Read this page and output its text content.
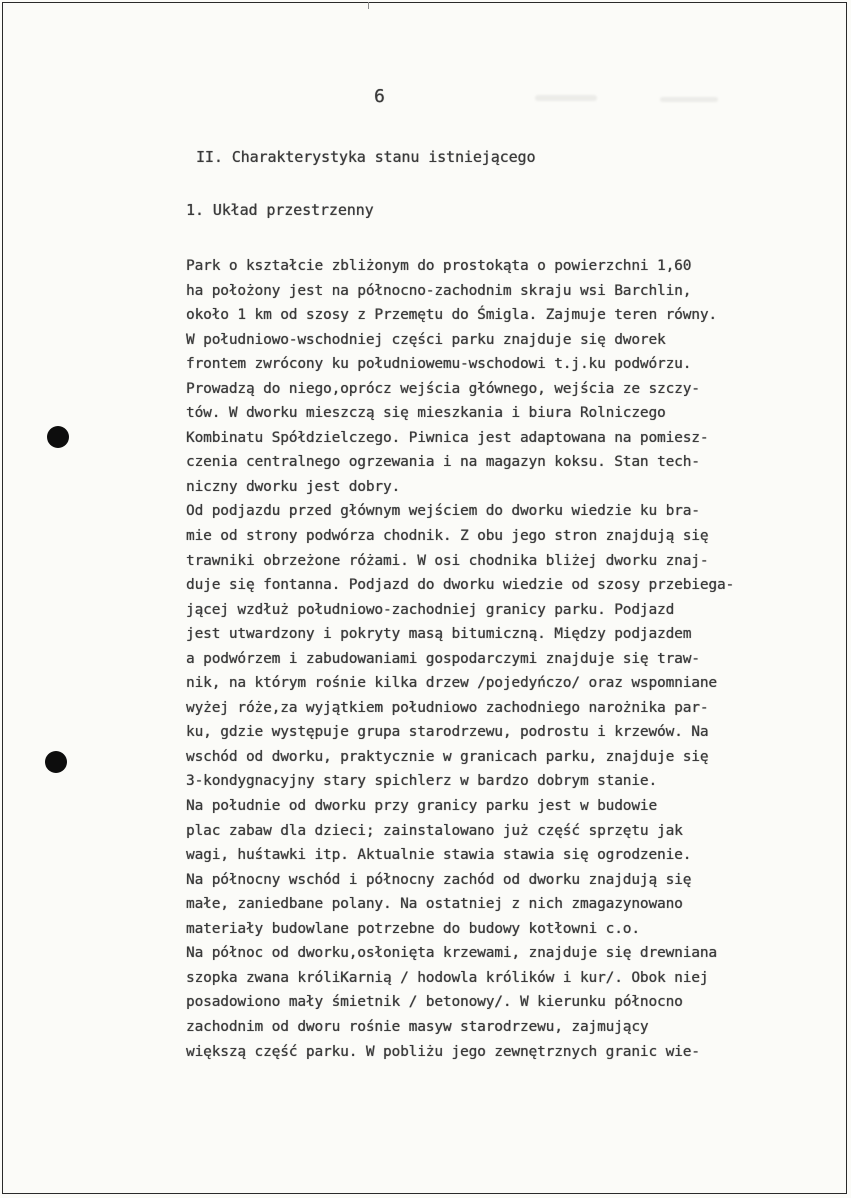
6
II. Charakterystyka stanu istniejącego
1. Układ przestrzenny
Park o kształcie zbliżonym do prostokąta o powierzchni 1,60
ha położony jest na północno-zachodnim skraju wsi Barchlin,
około 1 km od szosy z Przemętu do Śmigla. Zajmuje teren równy.
W południowo-wschodniej części parku znajduje się dworek
frontem zwrócony ku południowemu-wschodowi t.j.ku podwórzu.
Prowadzą do niego,oprócz wejścia głównego, wejścia ze szczy-
tów. W dworku mieszczą się mieszkania i biura Rolniczego
Kombinatu Spółdzielczego. Piwnica jest adaptowana na pomiesz-
czenia centralnego ogrzewania i na magazyn koksu. Stan tech-
niczny dworku jest dobry.
Od podjazdu przed głównym wejściem do dworku wiedzie ku bra-
mie od strony podwórza chodnik. Z obu jego stron znajdują się
trawniki obrzeżone różami. W osi chodnika bliżej dworku znaj-
duje się fontanna. Podjazd do dworku wiedzie od szosy przebiega-
jącej wzdłuż południowo-zachodniej granicy parku. Podjazd
jest utwardzony i pokryty masą bitumiczną. Między podjazdem
a podwórzem i zabudowaniami gospodarczymi znajduje się traw-
nik, na którym rośnie kilka drzew /pojedyńczo/ oraz wspomniane
wyżej róże,za wyjątkiem południowo zachodniego narożnika par-
ku, gdzie występuje grupa starodrzewu, podrostu i krzewów. Na
wschód od dworku, praktycznie w granicach parku, znajduje się
3-kondygnacyjny stary spichlerz w bardzo dobrym stanie.
Na południe od dworku przy granicy parku jest w budowie
plac zabaw dla dzieci; zainstalowano już część sprzętu jak
wagi, huśtawki itp. Aktualnie stawia stawia się ogrodzenie.
Na północny wschód i północny zachód od dworku znajdują się
małe, zaniedbane polany. Na ostatniej z nich zmagazynowano
materiały budowlane potrzebne do budowy kotłowni c.o.
Na północ od dworku,osłonięta krzewami, znajduje się drewniana
szopka zwana króliKarnią / hodowla królików i kur/. Obok niej
posadowiono mały śmietnik / betonowy/. W kierunku północno
zachodnim od dworu rośnie masyw starodrzewu, zajmujący
większą część parku. W pobliżu jego zewnętrznych granic wie-
